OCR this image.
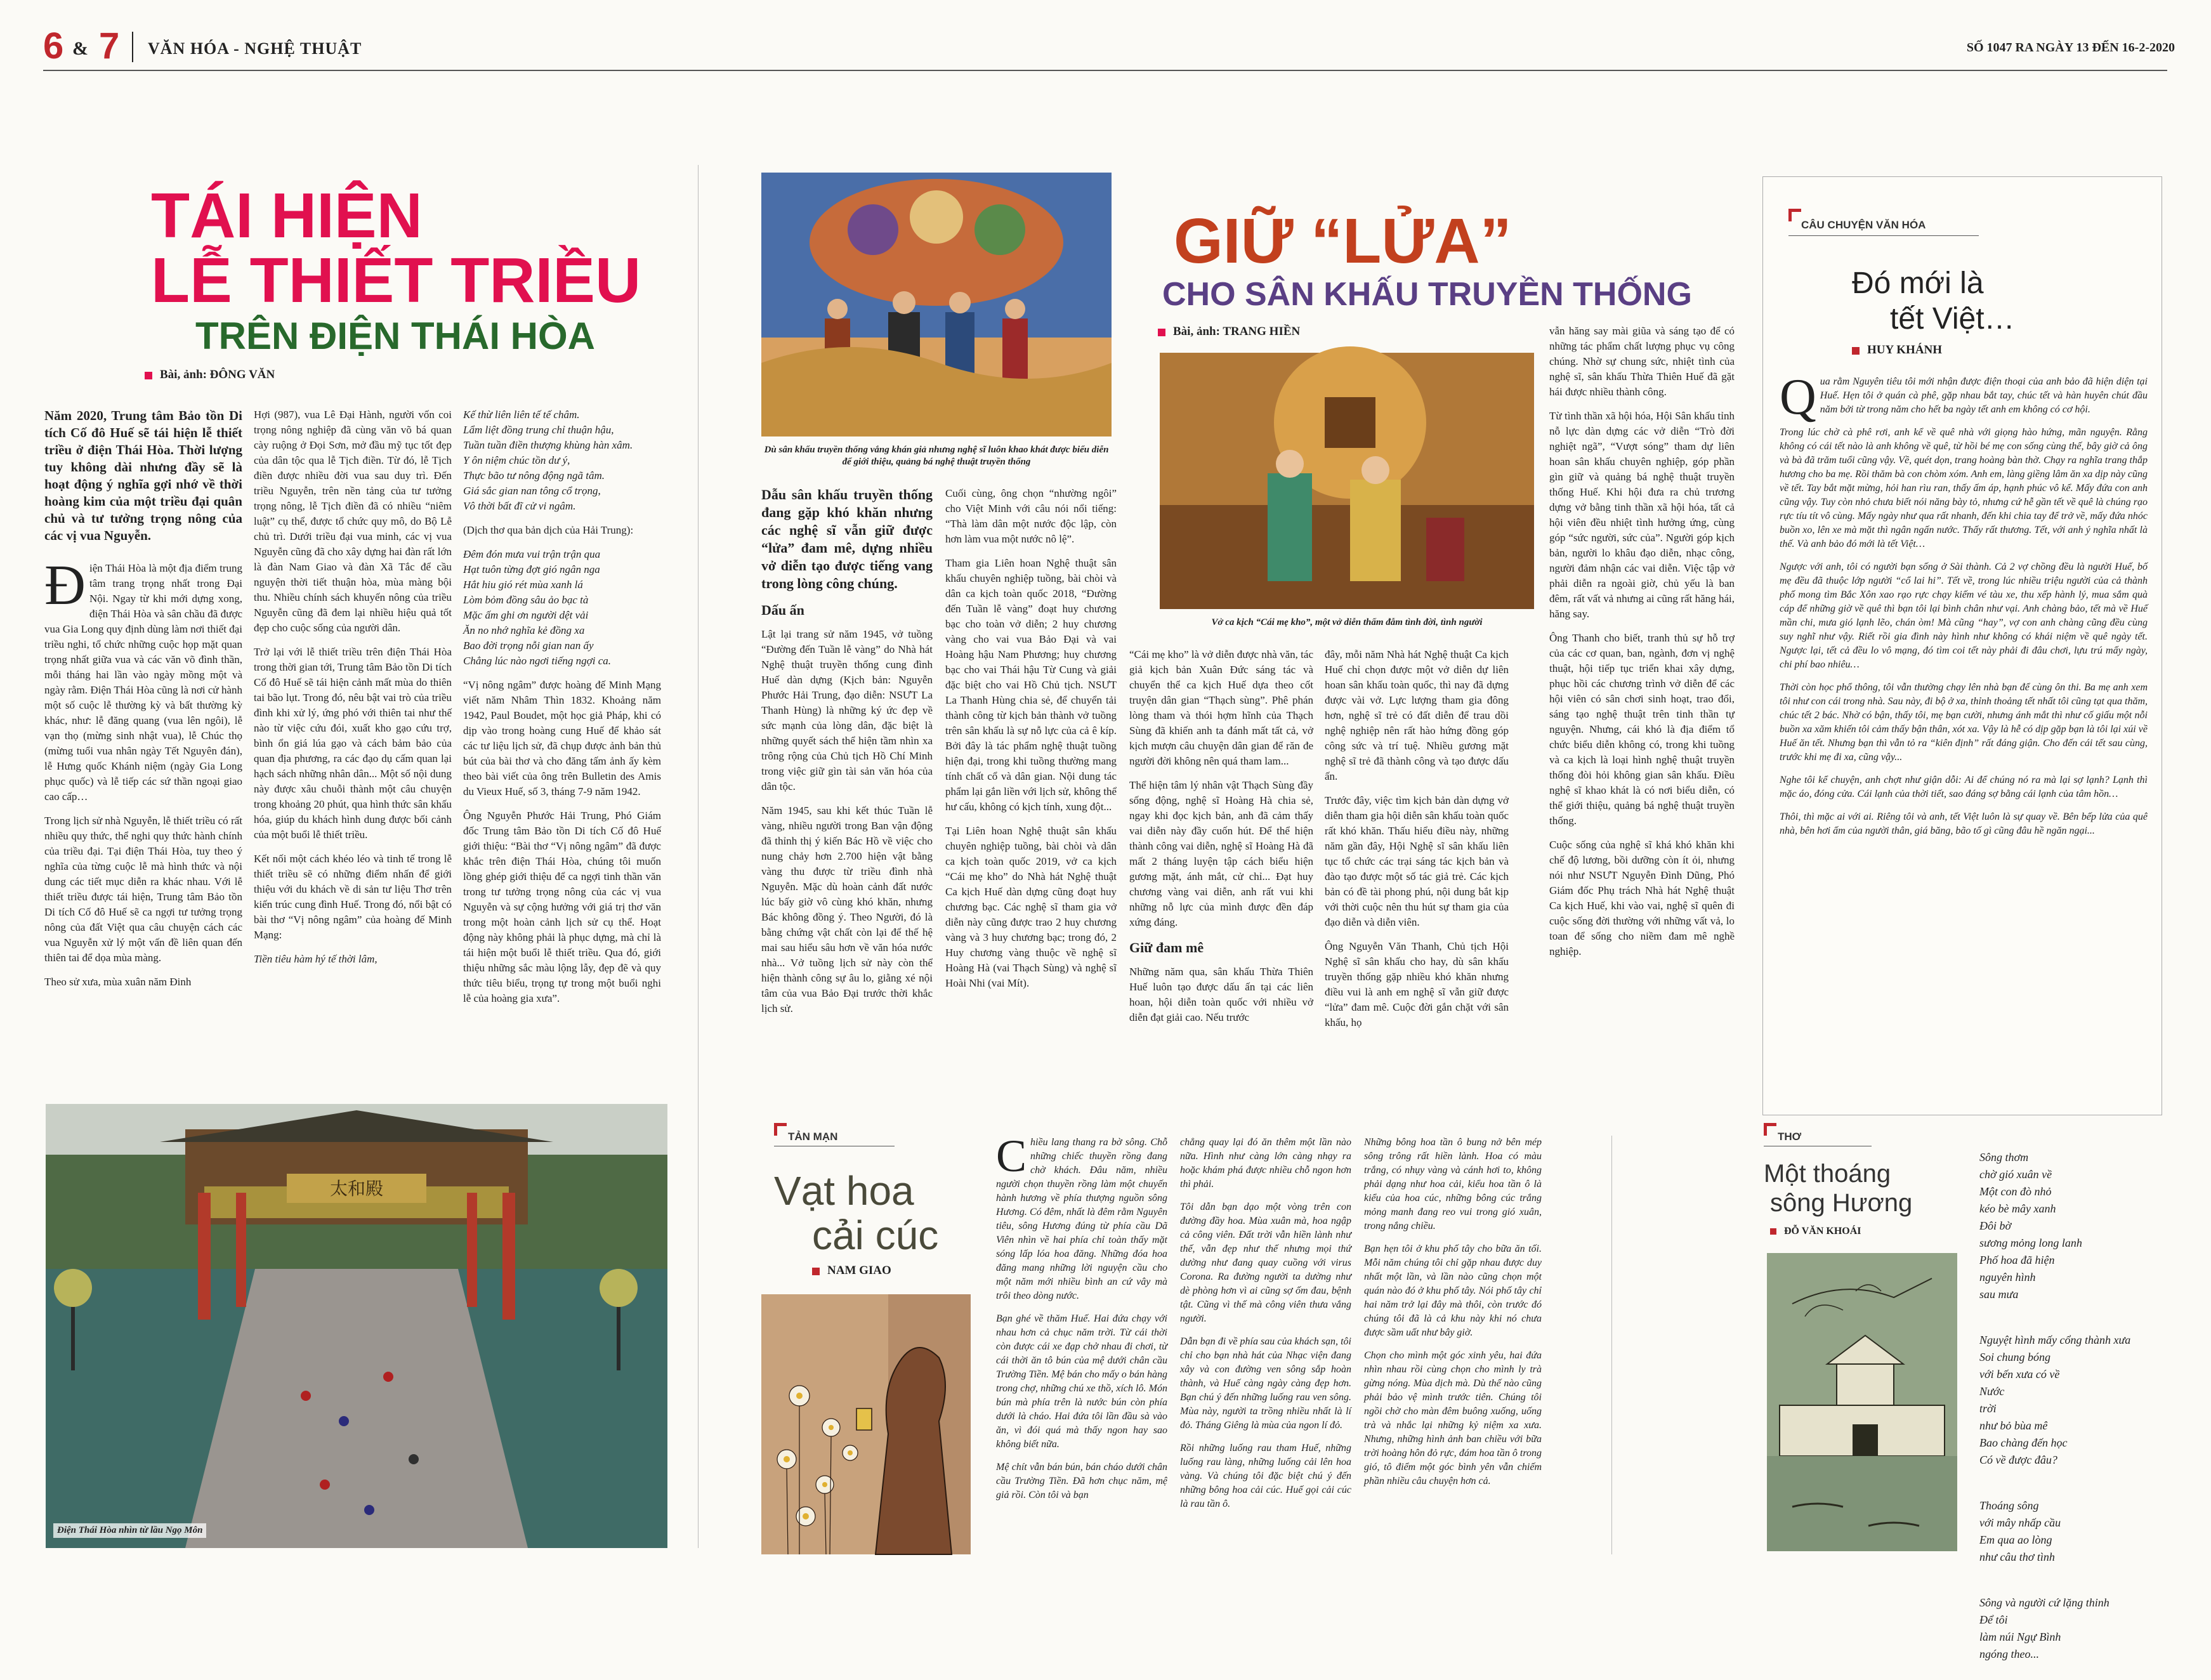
6 & 7 VĂN HÓA - NGHỆ THUẬT	SỐ 1047 RA NGÀY 13 ĐẾN 16-2-2020
TÁI HIỆN
LỄ THIẾT TRIỀU
TRÊN ĐIỆN THÁI HÒA
Bài, ảnh: ĐÔNG VĂN

Năm 2020, Trung tâm Bảo tồn Di tích Cố đô Huế sẽ tái hiện lễ thiết triều ở điện Thái Hòa. Thời lượng tuy không dài nhưng đầy sẽ là hoạt động ý nghĩa gợi nhớ về thời hoàng kim của một triều đại quân chủ và tư tưởng trọng nông của các vị vua Nguyễn.

Điện Thái Hòa là một địa điểm trung tâm trang trọng nhất trong Đại Nội. Ngay từ khi mới dựng xong, điện Thái Hòa và sân chầu đã được vua Gia Long quy định dùng làm nơi thiết đại triều nghi, tổ chức những cuộc họp mặt quan trọng nhất giữa vua và các văn võ đình thần, mỗi tháng hai lần vào ngày mồng một và ngày rằm. Điện Thái Hòa cũng là nơi cử hành một số cuộc lễ thường kỳ và bất thường kỳ khác, như: lễ đăng quang (vua lên ngôi), lễ vạn thọ (mừng sinh nhật vua), lễ Chúc thọ (mừng tuổi vua nhân ngày Tết Nguyên đán), lễ Hưng quốc Khánh niệm (ngày Gia Long phục quốc) và lễ tiếp các sứ thần ngoại giao cao cấp…

Trong lịch sử nhà Nguyễn, lễ thiết triều có rất nhiều quy thức, thể nghi quy thức hành chính của triều đại. Tại điện Thái Hòa, tuy theo ý nghĩa của từng cuộc lễ mà hình thức và nội dung các tiết mục diễn ra khác nhau. Với lễ thiết triều được tái hiện, Trung tâm Bảo tồn Di tích Cố đô Huế sẽ ca ngợi tư tưởng trọng nông của đất Việt qua câu chuyện cách các vua Nguyễn xử lý một vấn đề liên quan đến thiên tai để dọa mùa màng.

Theo sử xưa, mùa xuân năm Đinh

Hợi (987), vua Lê Đại Hành, người vốn coi trọng nông nghiệp đã cùng văn võ bá quan cày ruộng ở Đọi Sơn, mở đầu mỹ tục tốt đẹp của dân tộc qua lễ Tịch điền. Từ đó, lễ Tịch điền được nhiều đời vua sau duy trì. Đến triều Nguyễn, trên nền tảng của tư tưởng trọng nông, lễ Tịch điền đã có nhiều “niêm luật” cụ thể, được tổ chức quy mô, do Bộ Lễ chủ trì. Dưới triều đại vua minh, các vị vua Nguyễn cũng đã cho xây dựng hai đàn rất lớn là đàn Nam Giao và đàn Xã Tắc để cầu nguyện thời tiết thuận hòa, mùa màng bội thu. Nhiều chính sách khuyến nông của triều Nguyễn cũng đã đem lại nhiều hiệu quả tốt đẹp cho cuộc sống của người dân.

Trở lại với lễ thiết triều trên điện Thái Hòa trong thời gian tới, Trung tâm Bảo tồn Di tích Cố đô Huế sẽ tái hiện cảnh mất mùa do thiên tai bão lụt. Trong đó, nêu bật vai trò của triều đình khi xử lý, ứng phó với thiên tai như thế nào từ việc cứu đói, xuất kho gạo cứu trợ, bình ổn giá lúa gạo và cách bảm bảo của quan địa phương, ra các đạo dụ cấm quan lại hạch sách những nhân dân... Một số nội dung này được xâu chuỗi thành một câu chuyện trong khoảng 20 phút, qua hình thức sân khấu hóa, giúp du khách hình dung được bối cảnh của một buổi lễ thiết triều.

Kết nối một cách khéo léo và tinh tế trong lễ thiết triều sẽ có những điểm nhấn để giới thiệu với du khách về di sản tư liệu Thơ trên kiến trúc cung đình Huế. Trong đó, nổi bật có bài thơ “Vị nông ngâm” của hoàng đế Minh Mạng:

Tiền tiêu hàm hý tế thời lâm,

Kế thừ liên liên tế tế châm.
Lẩm liệt đồng trung chỉ thuận hậu,
Tuần tuần điền thượng khùng hàn xâm.
Y ôn niệm chúc tồn dư ý,
Thực bão tư nông động ngã tâm.
Giá sắc gian nan tông cổ trọng,
Vô thời bất đĩ cử vi ngâm.

(Dịch thơ qua bản dịch của Hải Trung):

Đêm đón mưa vui trận trận qua
Hạt tuôn từng đợt gió ngân nga
Hắt hiu gió rét mùa xanh lá
Lòm bỏm đồng sâu ảo bạc tà
Mặc ấm ghi ơn người dệt vải
Ăn no nhớ nghĩa kẻ đồng xa
Bao đời trọng nỗi gian nan ấy
Chẳng lúc nào ngơi tiếng ngợi ca.

“Vị nông ngâm” được hoàng đế Minh Mạng viết năm Nhâm Thìn 1832. Khoảng năm 1942, Paul Boudet, một học giả Pháp, khi có dịp vào trong hoàng cung Huế để khảo sát các tư liệu lịch sử, đã chụp được ảnh bản thủ bút của bài thơ và cho đăng tấm ảnh ấy kèm theo bài viết của ông trên Bulletin des Amis du Vieux Huế, số 3, tháng 7-9 năm 1942.

Ông Nguyễn Phước Hải Trung, Phó Giám đốc Trung tâm Bảo tồn Di tích Cố đô Huế giới thiệu: “Bài thơ “Vị nông ngâm” đã được khắc trên điện Thái Hòa, chúng tôi muốn lồng ghép giới thiệu để ca ngợi tinh thần văn trong tư tưởng trọng nông của các vị vua Nguyễn và sự cộng hưởng với giá trị thơ văn trong một hoàn cảnh lịch sử cụ thể. Hoạt động này không phải là phục dựng, mà chỉ là tái hiện một buổi lễ thiết triều. Qua đó, giới thiệu những sắc màu lộng lẫy, đẹp đẽ và quy thức tiêu biểu, trọng tự trong một buổi nghi lễ của hoàng gia xưa”.

太和殿
Điện Thái Hòa nhìn từ lầu Ngọ Môn
Dù sân khấu truyền thống vắng khán giả nhưng nghệ sĩ luôn khao khát được biểu diễn để giới thiệu, quảng bá nghệ thuật truyền thống
GIỮ “LỬA”
CHO SÂN KHẤU TRUYỀN THỐNG
Bài, ảnh: TRANG HIỀN
Vở ca kịch “Cái mẹ kho”, một vở diễn thấm đẫm tình đời, tình người

Dẫu sân khấu truyền thống đang gặp khó khăn nhưng các nghệ sĩ vẫn giữ được “lửa” đam mê, dựng nhiều vở diễn tạo được tiếng vang trong lòng công chúng.

Dấu ấn

Lật lại trang sử năm 1945, vở tuồng “Đường đến Tuần lễ vàng” do Nhà hát Nghệ thuật truyền thống cung đình Huế dàn dựng (Kịch bản: Nguyễn Phước Hải Trung, đạo diễn: NSƯT La Thanh Hùng) là những ký ức đẹp về sức mạnh của lòng dân, đặc biệt là những quyết sách thể hiện tầm nhìn xa trông rộng của Chủ tịch Hồ Chí Minh trong việc giữ gìn tài sản văn hóa của dân tộc.

Năm 1945, sau khi kết thúc Tuần lễ vàng, nhiều người trong Ban vận động đã thỉnh thị ý kiến Bác Hồ về việc cho nung chảy hơn 2.700 hiện vật bằng vàng thu được từ triều đình nhà Nguyễn. Mặc dù hoàn cảnh đất nước lúc bấy giờ vô cùng khó khăn, nhưng Bác không đồng ý. Theo Người, đó là bằng chứng vật chất còn lại để thế hệ mai sau hiểu sâu hơn về văn hóa nước nhà... Vở tuồng lịch sử này còn thể hiện thành công sự âu lo, giằng xé nội tâm của vua Bảo Đại trước thời khắc lịch sử.

Cuối cùng, ông chọn “nhường ngôi” cho Việt Minh với câu nói nổi tiếng: “Thà làm dân một nước độc lập, còn hơn làm vua một nước nô lệ”.

Tham gia Liên hoan Nghệ thuật sân khấu chuyên nghiệp tuồng, bài chòi và dân ca kịch toàn quốc 2018, “Đường đến Tuần lễ vàng” đoạt huy chương bạc cho toàn vở diễn; 2 huy chương vàng cho vai vua Bảo Đại và vai Hoàng hậu Nam Phương; huy chương bạc cho vai Thái hậu Từ Cung và giải đặc biệt cho vai Hồ Chủ tịch. NSƯT La Thanh Hùng chia sẻ, để chuyển tải thành công từ kịch bản thành vở tuồng trên sân khấu là sự nỗ lực của cả ê kíp. Bởi đây là tác phẩm nghệ thuật tuồng hiện đại, trong khi tuồng thường mang tính chất cổ và dân gian. Nội dung tác phẩm lại gắn liền với lịch sử, không thể hư cấu, không có kịch tính, xung đột...

Tại Liên hoan Nghệ thuật sân khấu chuyên nghiệp tuồng, bài chòi và dân ca kịch toàn quốc 2019, vở ca kịch “Cái mẹ kho” do Nhà hát Nghệ thuật Ca kịch Huế dàn dựng cũng đoạt huy chương bạc. Các nghệ sĩ tham gia vở diễn này cũng được trao 2 huy chương vàng và 3 huy chương bạc; trong đó, 2 Huy chương vàng thuộc về nghệ sĩ Hoàng Hà (vai Thạch Sùng) và nghệ sĩ Hoài Nhi (vai Mít).

“Cái mẹ kho” là vở diễn được nhà văn, tác giả kịch bản Xuân Đức sáng tác và chuyển thể ca kịch Huế dựa theo cốt truyện dân gian “Thạch sùng”. Phê phán lòng tham và thói hợm hĩnh của Thạch Sùng đã khiến anh ta đánh mất tất cả, vở kịch mượn câu chuyện dân gian để răn đe người đời không nên quá tham lam...

Thể hiện tâm lý nhân vật Thạch Sùng đầy sống động, nghệ sĩ Hoàng Hà chia sẻ, ngay khi đọc kịch bản, anh đã cảm thấy vai diễn này đầy cuốn hút. Để thể hiện thành công vai diễn, nghệ sĩ Hoàng Hà đã mất 2 tháng luyện tập cách biểu hiện gương mặt, ánh mắt, cử chỉ... Đạt huy chương vàng vai diễn, anh rất vui khi những nỗ lực của mình được đền đáp xứng đáng.

Giữ đam mê

Những năm qua, sân khấu Thừa Thiên Huế luôn tạo được dấu ấn tại các liên hoan, hội diễn toàn quốc với nhiều vở diễn đạt giải cao. Nếu trước

đây, mỗi năm Nhà hát Nghệ thuật Ca kịch Huế chỉ chọn được một vở diễn dự liên hoan sân khấu toàn quốc, thì nay đã dựng được vài vở. Lực lượng tham gia đông hơn, nghệ sĩ trẻ có đất diễn để trau dồi nghệ nghiệp nên rất hào hứng đồng góp công sức và trí tuệ. Nhiều gương mặt nghệ sĩ trẻ đã thành công và tạo được dấu ấn.

Trước đây, việc tìm kịch bản dàn dựng vở diễn tham gia hội diễn sân khấu toàn quốc rất khó khăn. Thấu hiểu điều này, những năm gần đây, Hội Nghệ sĩ sân khấu liên tục tổ chức các trại sáng tác kịch bản và đào tạo được một số tác giả trẻ. Các kịch bản có đề tài phong phú, nội dung bắt kịp với thời cuộc nên thu hút sự tham gia của đạo diễn và diễn viên.

Ông Nguyễn Văn Thanh, Chủ tịch Hội Nghệ sĩ sân khấu cho hay, dù sân khấu truyền thống gặp nhiều khó khăn nhưng điều vui là anh em nghệ sĩ vẫn giữ được “lửa” đam mê. Cuộc đời gắn chặt với sân khấu, họ

vẫn hăng say mài giũa và sáng tạo để có những tác phẩm chất lượng phục vụ công chúng. Nhờ sự chung sức, nhiệt tình của nghệ sĩ, sân khấu Thừa Thiên Huế đã gặt hái được nhiều thành công.

Từ tình thần xã hội hóa, Hội Sân khấu tỉnh nỗ lực dàn dựng các vở diễn “Trò đời nghiệt ngã”, “Vượt sóng” tham dự liên hoan sân khấu chuyên nghiệp, góp phần gìn giữ và quảng bá nghệ thuật truyền thống Huế. Khi hội đưa ra chủ trương dựng vở bằng tinh thần xã hội hóa, tất cả hội viên đều nhiệt tình hưởng ứng, cùng góp “sức người, sức của”. Người góp kịch bản, người lo khâu đạo diễn, nhạc công, người đảm nhận các vai diễn. Việc tập vở phải diễn ra ngoài giờ, chủ yếu là ban đêm, rất vất vả nhưng ai cũng rất hăng hái, hăng say.

Ông Thanh cho biết, tranh thủ sự hỗ trợ của các cơ quan, ban, ngành, đơn vị nghệ thuật, hội tiếp tục triển khai xây dựng, phục hồi các chương trình vở diễn để các hội viên có sân chơi sinh hoạt, trao đổi, sáng tạo nghệ thuật trên tinh thần tự nguyện. Nhưng, cái khó là địa điểm tổ chức biểu diễn không có, trong khi tuồng và ca kịch là loại hình nghệ thuật truyền thống đòi hỏi không gian sân khấu. Điều nghệ sĩ khao khát là có nơi biểu diễn, có thể giới thiệu, quảng bá nghệ thuật truyền thống.

Cuộc sống của nghệ sĩ khá khó khăn khi chế độ lương, bồi dưỡng còn ít ỏi, nhưng nói như NSƯT Nguyễn Đình Dũng, Phó Giám đốc Phụ trách Nhà hát Nghệ thuật Ca kịch Huế, khi vào vai, nghệ sĩ quên đi cuộc sống đời thường với những vất vả, lo toan để sống cho niềm đam mê nghề nghiệp.

CÂU CHUYỆN VĂN HÓA
Đó mới là
tết Việt…
HUY KHÁNH

Qua rằm Nguyên tiêu tôi mới nhận được điện thoại của anh bảo đã hiện diện tại Huế. Hẹn tôi ở quán cà phê, gặp nhau bắt tay, chúc tết và hàn huyên chút đầu năm bởi từ trong năm cho hết ba ngày tết anh em không có cơ hội.

Trong lúc chờ cà phê rơi, anh kể về quê nhà với giọng hào hứng, mãn nguyện. Rằng không có cái tết nào là anh không về quê, từ hồi bé mẹ con sống cùng thế, bây giờ cả ông và bà đã trăm tuổi cũng vậy. Về, quét dọn, trang hoàng bàn thờ. Chạy ra nghĩa trang thắp hương cho ba mẹ. Rồi thăm bà con chòm xóm. Anh em, làng giềng lâm ăn xa dịp này cũng về tết. Tay bắt mặt mừng, hỏi han rìu ran, thấy ấm áp, hạnh phúc vô kể. Mấy đứa con anh cũng vậy. Tuy còn nhỏ chưa biết nói năng bày tỏ, nhưng cứ hễ gần tết về quê là chúng rạo rực tíu tít vô cùng. Mấy ngày như qua rất nhanh, đến khi chia tay để trở về, mấy đứa nhóc buồn xo, lên xe mà mặt thì ngân ngấn nước. Thấy rất thương. Tết, với anh ý nghĩa nhất là thế. Và anh bảo đó mới là tết Việt…

Ngược với anh, tôi có người bạn sống ở Sài thành. Cả 2 vợ chồng đều là người Huế, bố mẹ đều đã thuộc lớp người “cổ lai hi”. Tết về, trong lúc nhiều triệu người của cả thành phố mong tìm Bắc Xôn xao rạo rực chạy kiếm vé tàu xe, thu xếp hành lý, mua sắm quà cáp để những giờ về quê thì bạn tôi lại bình chân như vại. Anh chàng bảo, tết mà về Huế mần chi, mưa gió lạnh lẽo, chán òm! Mà cũng “hay”, vợ con anh chàng cũng đều cùng suy nghĩ như vậy. Riết rồi gia đình này hình như không có khái niệm về quê ngày tết. Ngược lại, tết cả đều lo vô mạng, đó tìm coi tết này phải đi đâu chơi, lựu trú mấy ngày, chi phí bao nhiêu…

Thời còn học phổ thông, tôi vẫn thường chạy lên nhà bạn để cùng ôn thi. Ba mẹ anh xem tôi như con cái trong nhà. Sau này, đi bộ ở xa, thỉnh thoảng tết nhất tôi cũng tạt qua thăm, chúc tết 2 bác. Nhờ có bận, thấy tôi, mẹ bạn cười, nhưng ánh mắt thì như cố giấu một nỗi buồn xa xăm khiến tôi cảm thấy bận thân, xót xa. Vậy là hễ có dịp gặp bạn là tôi lại xúi về Huế ăn tết. Nhưng bạn thì vẫn tỏ ra “kiên định” rất đáng giận. Cho đến cái tết sau cùng, trước khi mẹ đi xa, cũng vậy...

Nghe tôi kể chuyện, anh chợt như giận dỗi: Ai để chúng nó ra mà lại sợ lạnh? Lạnh thì mặc áo, đóng cửa. Cái lạnh của thời tiết, sao đáng sợ bằng cái lạnh của tâm hồn…

Thôi, thì mặc ai với ai. Riêng tôi và anh, tết Việt luôn là sự quay về. Bên bếp lửa của quê nhà, bên hơi ấm của người thân, giá băng, bão tố gì cũng đâu hề ngăn ngại...

TẢN MẠN
Vạt hoa
cải cúc
NAM GIAO

Chiều lang thang ra bờ sông. Chỗ những chiếc thuyền rồng đang chờ khách. Đâu năm, nhiều người chọn thuyền rồng làm một chuyến hành hương về phía thượng nguồn sông Hương. Có đêm, nhất là đêm rằm Nguyên tiêu, sông Hương đúng từ phía cầu Dã Viên nhìn về hai phía chỉ toàn thấy mặt sóng lấp lóa hoa đăng. Những đóa hoa đăng mang những lời nguyện cầu cho một năm mới nhiều bình an cứ vây mà trôi theo dòng nước.

Bạn ghé về thăm Huế. Hai đứa chạy với nhau hơn cả chục năm trời. Từ cái thời còn được cái xe đạp chở nhau đi chơi, từ cái thời ăn tô bún của mệ dưới chân cầu Trường Tiền. Mệ bán cho mấy o bán hàng trong chợ, những chú xe thồ, xích lô. Món bún mà phía trên là nước bún còn phía dưới là cháo. Hai đứa tôi lần đầu sà vào ăn, vì đói quá mà thấy ngon hay sao không biết nữa.

Mệ chít vẫn bán bún, bán cháo dưới chân cầu Trường Tiền. Đã hơn chục năm, mệ giả rồi. Còn tôi và bạn

chẳng quay lại đó ăn thêm một lần nào nữa. Hình như càng lớn càng nhạy ra hoặc khám phá được nhiều chỗ ngon hơn thì phải.

Tôi dẫn bạn dạo một vòng trên con đường đầy hoa. Mùa xuân mà, hoa ngập cả công viên. Đất trời vẫn hiền lành như thế, vẫn đẹp như thế nhưng mọi thứ dường như đang quay cuồng với virus Corona. Ra đường người ta dường như dè phòng hơn vì ai cũng sợ ốm đau, bệnh tật. Cũng vì thế mà công viên thưa vắng người.

Dẫn bạn đi về phía sau của khách sạn, tôi chỉ cho bạn nhà hát của Nhạc viện đang xây và con đường ven sông sắp hoàn thành, và Huế càng ngày càng đẹp hơn. Bạn chú ý đến những luống rau ven sông. Mùa này, người ta trồng nhiều nhất là lí đỏ. Tháng Giêng là mùa của ngon lí đỏ.

Rồi những luống rau tham Huế, những luống rau làng, những luống cải lên hoa vàng. Và chúng tôi đặc biệt chú ý đến những bông hoa cải cúc. Huế gọi cải cúc là rau tần ô.

Những bông hoa tần ô bung nở bên mép sông trông rất hiền lành. Hoa có màu trắng, có nhụy vàng và cánh hơi to, không phải dạng như hoa cải, kiểu hoa tần ô là kiểu của hoa cúc, những bông cúc trắng mỏng manh đang reo vui trong gió xuân, trong nắng chiều.

Bạn hẹn tôi ở khu phố tây cho bữa ăn tối. Mỗi năm chúng tôi chỉ gặp nhau được duy nhất một lần, và lần nào cũng chọn một quán nào đó ở khu phố tây. Nói phố tây chỉ hai năm trở lại đây mà thôi, còn trước đó chúng tôi đã là cả khu này khi nó chưa được sầm uất như bây giờ.

Chọn cho mình một góc xinh yêu, hai đứa nhìn nhau rồi cùng chọn cho mình ly trà gừng nóng. Mùa dịch mà. Dù thế nào cũng phải bảo vệ mình trước tiên. Chúng tôi ngồi chờ cho màn đêm buông xuống, uống trà và nhắc lại những kỷ niệm xa xưa. Nhưng, những hình ảnh ban chiều với bữa trời hoàng hôn đỏ rực, đám hoa tần ô trong gió, tô điểm một góc bình yên vẫn chiếm phần nhiều câu chuyện hơn cả.

THƠ
Một thoáng
sông Hương
ĐỖ VĂN KHOÁI

Sông thơm
chờ gió xuân về
Một con đò nhỏ
kéo bè mây xanh
Đôi bờ
sương mỏng long lanh
Phố hoa đã hiện
nguyên hình
sau mưa

Nguyệt hình mấy cổng thành xưa
Soi chung bóng
với bến xưa có về
Nước
trời
như bỏ bùa mê
Bao chàng đến học
Có về được đâu?

Thoáng sông
với mây nhấp cầu
Em qua ao lòng
như câu thơ tình

Sông và người cứ lặng thinh
Để tôi
làm núi Ngự Bình
ngóng theo...
